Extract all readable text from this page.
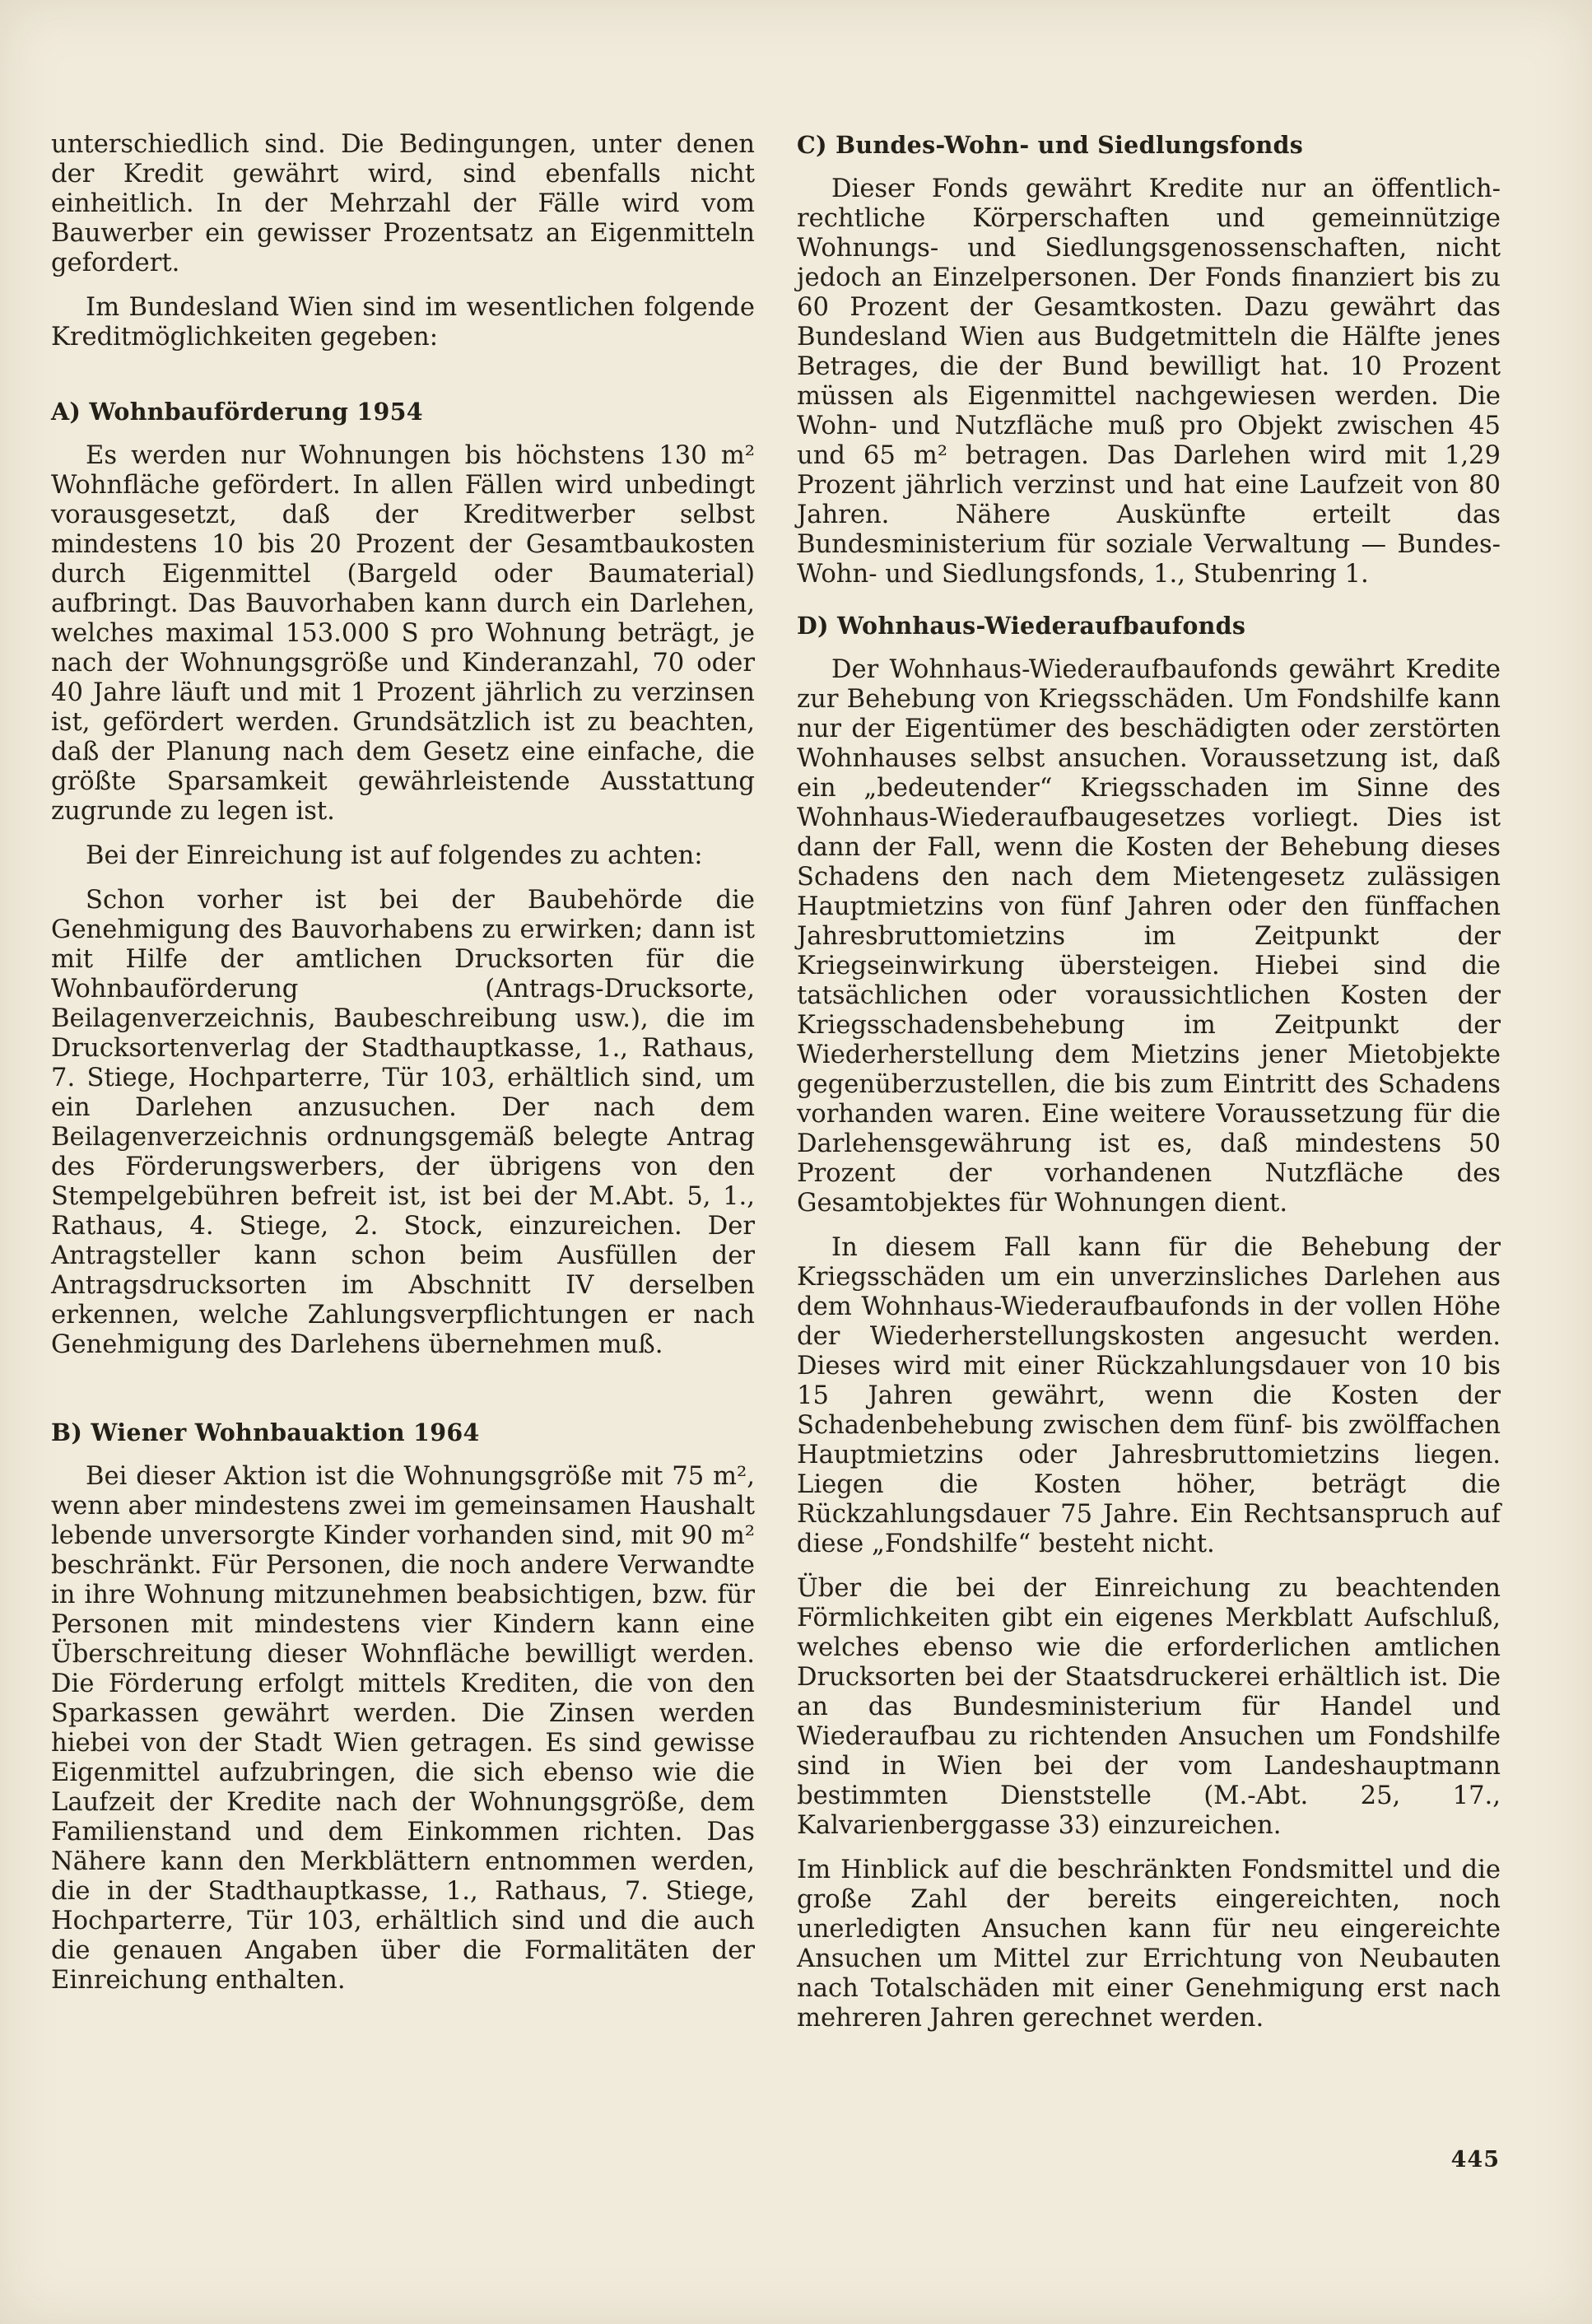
unterschiedlich sind. Die Bedingungen, unter denen der Kredit gewährt wird, sind ebenfalls nicht einheitlich. In der Mehrzahl der Fälle wird vom Bauwerber ein gewisser Prozentsatz an Eigenmitteln gefordert.

Im Bundesland Wien sind im wesentlichen folgende Kreditmöglichkeiten gegeben:

A) Wohnbauförderung 1954

Es werden nur Wohnungen bis höchstens 130 m² Wohnfläche gefördert. In allen Fällen wird unbedingt vorausgesetzt, daß der Kreditwerber selbst mindestens 10 bis 20 Prozent der Gesamtbaukosten durch Eigenmittel (Bargeld oder Baumaterial) aufbringt. Das Bauvorhaben kann durch ein Darlehen, welches maximal 153.000 S pro Wohnung beträgt, je nach der Wohnungsgröße und Kinderanzahl, 70 oder 40 Jahre läuft und mit 1 Prozent jährlich zu verzinsen ist, gefördert werden. Grundsätzlich ist zu beachten, daß der Planung nach dem Gesetz eine einfache, die größte Sparsamkeit gewährleistende Ausstattung zugrunde zu legen ist.

Bei der Einreichung ist auf folgendes zu achten:

Schon vorher ist bei der Baubehörde die Genehmigung des Bauvorhabens zu erwirken; dann ist mit Hilfe der amtlichen Drucksorten für die Wohnbauförderung (Antrags-Drucksorte, Beilagenverzeichnis, Baubeschreibung usw.), die im Drucksortenverlag der Stadthauptkasse, 1., Rathaus, 7. Stiege, Hochparterre, Tür 103, erhältlich sind, um ein Darlehen anzusuchen. Der nach dem Beilagenverzeichnis ordnungsgemäß belegte Antrag des Förderungswerbers, der übrigens von den Stempelgebühren befreit ist, ist bei der M.Abt. 5, 1., Rathaus, 4. Stiege, 2. Stock, einzureichen. Der Antragsteller kann schon beim Ausfüllen der Antragsdrucksorten im Abschnitt IV derselben erkennen, welche Zahlungsverpflichtungen er nach Genehmigung des Darlehens übernehmen muß.

B) Wiener Wohnbauaktion 1964

Bei dieser Aktion ist die Wohnungsgröße mit 75 m², wenn aber mindestens zwei im gemeinsamen Haushalt lebende unversorgte Kinder vorhanden sind, mit 90 m² beschränkt. Für Personen, die noch andere Verwandte in ihre Wohnung mitzunehmen beabsichtigen, bzw. für Personen mit mindestens vier Kindern kann eine Überschreitung dieser Wohnfläche bewilligt werden. Die Förderung erfolgt mittels Krediten, die von den Sparkassen gewährt werden. Die Zinsen werden hiebei von der Stadt Wien getragen. Es sind gewisse Eigenmittel aufzubringen, die sich ebenso wie die Laufzeit der Kredite nach der Wohnungsgröße, dem Familienstand und dem Einkommen richten. Das Nähere kann den Merkblättern entnommen werden, die in der Stadthauptkasse, 1., Rathaus, 7. Stiege, Hochparterre, Tür 103, erhältlich sind und die auch die genauen Angaben über die Formalitäten der Einreichung enthalten.

C) Bundes-Wohn- und Siedlungsfonds

Dieser Fonds gewährt Kredite nur an öffentlich-rechtliche Körperschaften und gemeinnützige Wohnungs- und Siedlungsgenossenschaften, nicht jedoch an Einzelpersonen. Der Fonds finanziert bis zu 60 Prozent der Gesamtkosten. Dazu gewährt das Bundesland Wien aus Budgetmitteln die Hälfte jenes Betrages, die der Bund bewilligt hat. 10 Prozent müssen als Eigenmittel nachgewiesen werden. Die Wohn- und Nutzfläche muß pro Objekt zwischen 45 und 65 m² betragen. Das Darlehen wird mit 1,29 Prozent jährlich verzinst und hat eine Laufzeit von 80 Jahren. Nähere Auskünfte erteilt das Bundesministerium für soziale Verwaltung — Bundes-Wohn- und Siedlungsfonds, 1., Stubenring 1.

D) Wohnhaus-Wiederaufbaufonds

Der Wohnhaus-Wiederaufbaufonds gewährt Kredite zur Behebung von Kriegsschäden. Um Fondshilfe kann nur der Eigentümer des beschädigten oder zerstörten Wohnhauses selbst ansuchen. Voraussetzung ist, daß ein „bedeutender“ Kriegsschaden im Sinne des Wohnhaus-Wiederaufbaugesetzes vorliegt. Dies ist dann der Fall, wenn die Kosten der Behebung dieses Schadens den nach dem Mietengesetz zulässigen Hauptmietzins von fünf Jahren oder den fünffachen Jahresbruttomietzins im Zeitpunkt der Kriegseinwirkung übersteigen. Hiebei sind die tatsächlichen oder voraussichtlichen Kosten der Kriegsschadensbehebung im Zeitpunkt der Wiederherstellung dem Mietzins jener Mietobjekte gegenüberzustellen, die bis zum Eintritt des Schadens vorhanden waren. Eine weitere Voraussetzung für die Darlehensgewährung ist es, daß mindestens 50 Prozent der vorhandenen Nutzfläche des Gesamtobjektes für Wohnungen dient.

In diesem Fall kann für die Behebung der Kriegsschäden um ein unverzinsliches Darlehen aus dem Wohnhaus-Wiederaufbaufonds in der vollen Höhe der Wiederherstellungskosten angesucht werden. Dieses wird mit einer Rückzahlungsdauer von 10 bis 15 Jahren gewährt, wenn die Kosten der Schadenbehebung zwischen dem fünf- bis zwölffachen Hauptmietzins oder Jahresbruttomietzins liegen. Liegen die Kosten höher, beträgt die Rückzahlungsdauer 75 Jahre. Ein Rechtsanspruch auf diese „Fondshilfe“ besteht nicht.

Über die bei der Einreichung zu beachtenden Förmlichkeiten gibt ein eigenes Merkblatt Aufschluß, welches ebenso wie die erforderlichen amtlichen Drucksorten bei der Staatsdruckerei erhältlich ist. Die an das Bundesministerium für Handel und Wiederaufbau zu richtenden Ansuchen um Fondshilfe sind in Wien bei der vom Landeshauptmann bestimmten Dienststelle (M.-Abt. 25, 17., Kalvarienberggasse 33) einzureichen.

Im Hinblick auf die beschränkten Fondsmittel und die große Zahl der bereits eingereichten, noch unerledigten Ansuchen kann für neu eingereichte Ansuchen um Mittel zur Errichtung von Neubauten nach Totalschäden mit einer Genehmigung erst nach mehreren Jahren gerechnet werden.

445
